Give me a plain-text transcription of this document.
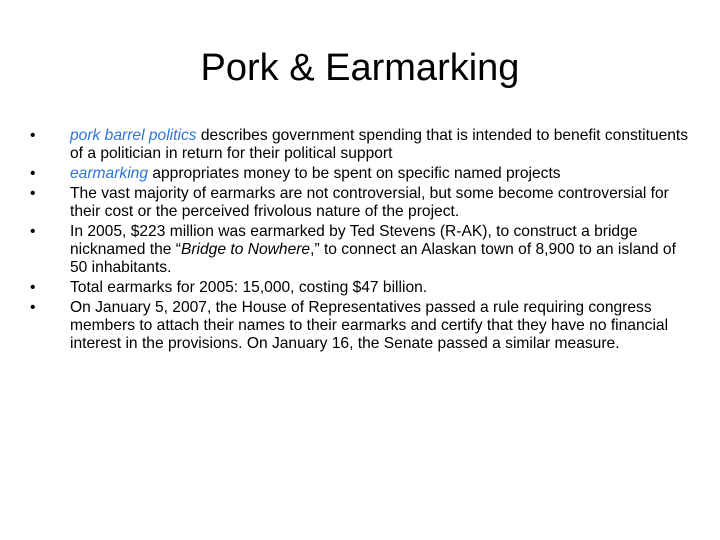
Pork & Earmarking
•	pork barrel politics describes government spending that is intended to benefit constituents of a politician in return for their political support
•	earmarking appropriates money to be spent on specific named projects
•	The vast majority of earmarks are not controversial, but some become controversial for their cost or the perceived frivolous nature of the project.
•	In 2005, $223 million was earmarked by Ted Stevens (R-AK), to construct a bridge nicknamed the “Bridge to Nowhere,” to connect an Alaskan town of 8,900 to an island of 50 inhabitants.
•	Total earmarks for 2005: 15,000, costing $47 billion.
•	On January 5, 2007, the House of Representatives passed a rule requiring congress members to attach their names to their earmarks and certify that they have no financial interest in the provisions. On January 16, the Senate passed a similar measure.
